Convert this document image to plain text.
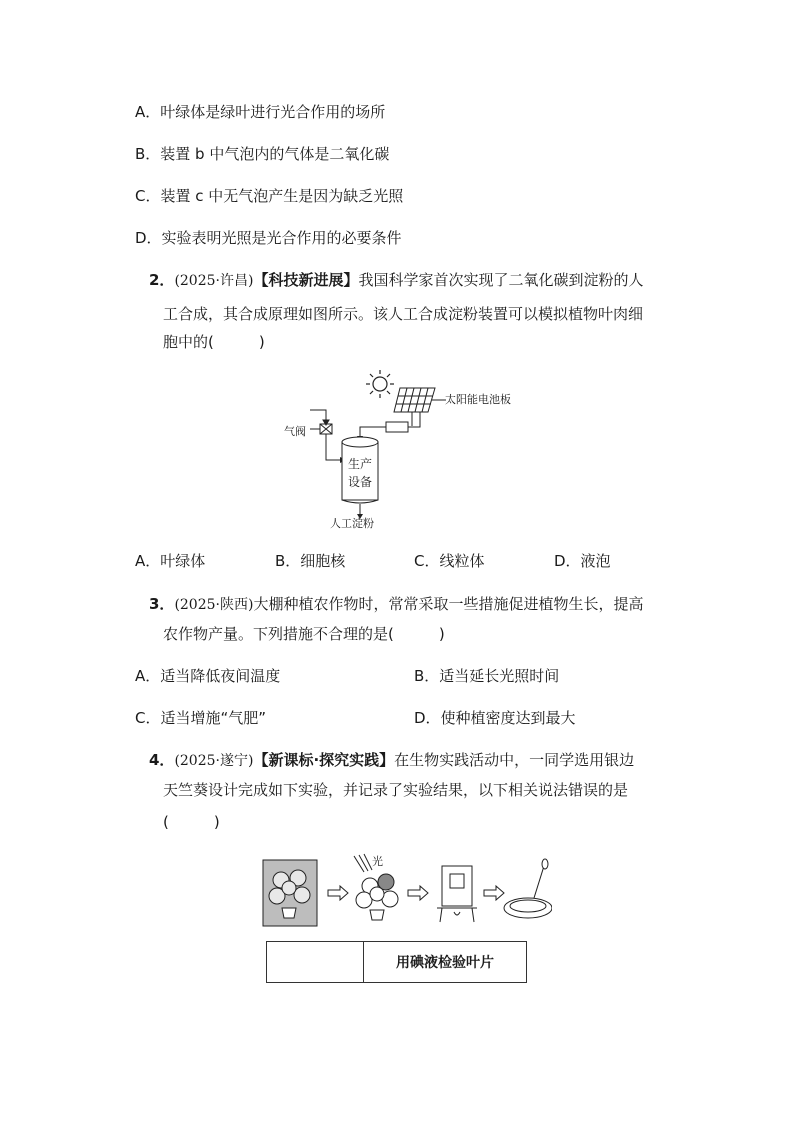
A．叶绿体是绿叶进行光合作用的场所
B．装置 b 中气泡内的气体是二氧化碳
C．装置 c 中无气泡产生是因为缺乏光照
D．实验表明光照是光合作用的必要条件
2．(2025·许昌)【科技新进展】我国科学家首次实现了二氧化碳到淀粉的人
工合成，其合成原理如图所示。该人工合成淀粉装置可以模拟植物叶肉细
胞中的(　　　)
太阳能电池板
气阀
生产
设备
人工淀粉
A．叶绿体	B．细胞核	C．线粒体	D．液泡
3．(2025·陕西)大棚种植农作物时，常常采取一些措施促进植物生长，提高
农作物产量。下列措施不合理的是(　　　)
A．适当降低夜间温度	B．适当延长光照时间
C．适当增施“气肥”	D．使种植密度达到最大
4．(2025·遂宁)【新课标·探究实践】在生物实践活动中，一同学选用银边
天竺葵设计完成如下实验，并记录了实验结果，以下相关说法错误的是
(　　　)
光
	用碘液检验叶片
